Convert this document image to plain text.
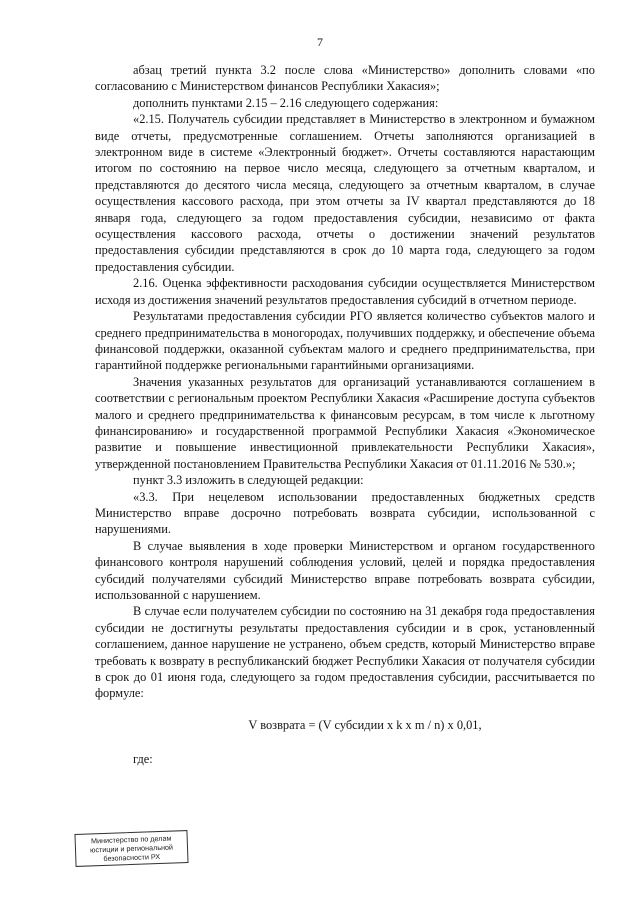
7

абзац третий пункта 3.2 после слова «Министерство» дополнить словами «по согласованию с Министерством финансов Республики Хакасия»;

дополнить пунктами 2.15 – 2.16 следующего содержания:

«2.15. Получатель субсидии представляет в Министерство в электронном и бумажном виде отчеты, предусмотренные соглашением. Отчеты заполняются организацией в электронном виде в системе «Электронный бюджет». Отчеты составляются нарастающим итогом по состоянию на первое число месяца, следующего за отчетным кварталом, и представляются до десятого числа месяца, следующего за отчетным кварталом, в случае осуществления кассового расхода, при этом отчеты за IV квартал представляются до 18 января года, следующего за годом предоставления субсидии, независимо от факта осуществления кассового расхода, отчеты о достижении значений результатов предоставления субсидии представляются в срок до 10 марта года, следующего за годом предоставления субсидии.

2.16. Оценка эффективности расходования субсидии осуществляется Министерством исходя из достижения значений результатов предоставления субсидий в отчетном периоде.

Результатами предоставления субсидии РГО является количество субъектов малого и среднего предпринимательства в моногородах, получивших поддержку, и обеспечение объема финансовой поддержки, оказанной субъектам малого и среднего предпринимательства, при гарантийной поддержке региональными гарантийными организациями.

Значения указанных результатов для организаций устанавливаются соглашением в соответствии с региональным проектом Республики Хакасия «Расширение доступа субъектов малого и среднего предпринимательства к финансовым ресурсам, в том числе к льготному финансированию» и государственной программой Республики Хакасия «Экономическое развитие и повышение инвестиционной привлекательности Республики Хакасия», утвержденной постановлением Правительства Республики Хакасия от 01.11.2016 № 530.»;

пункт 3.3 изложить в следующей редакции:

«3.3. При нецелевом использовании предоставленных бюджетных средств Министерство вправе досрочно потребовать возврата субсидии, использованной с нарушениями.

В случае выявления в ходе проверки Министерством и органом государственного финансового контроля нарушений соблюдения условий, целей и порядка предоставления субсидий получателями субсидий Министерство вправе потребовать возврата субсидии, использованной с нарушением.

В случае если получателем субсидии по состоянию на 31 декабря года предоставления субсидии не достигнуты результаты предоставления субсидии и в срок, установленный соглашением, данное нарушение не устранено, объем средств, который Министерство вправе требовать к возврату в республиканский бюджет Республики Хакасия от получателя субсидии в срок до 01 июня года, следующего за годом предоставления субсидии, рассчитывается по формуле:

V возврата = (V субсидии x k x m / n) x 0,01,
где:
Министерство по делам
юстиции и региональной
безопасности РХ
